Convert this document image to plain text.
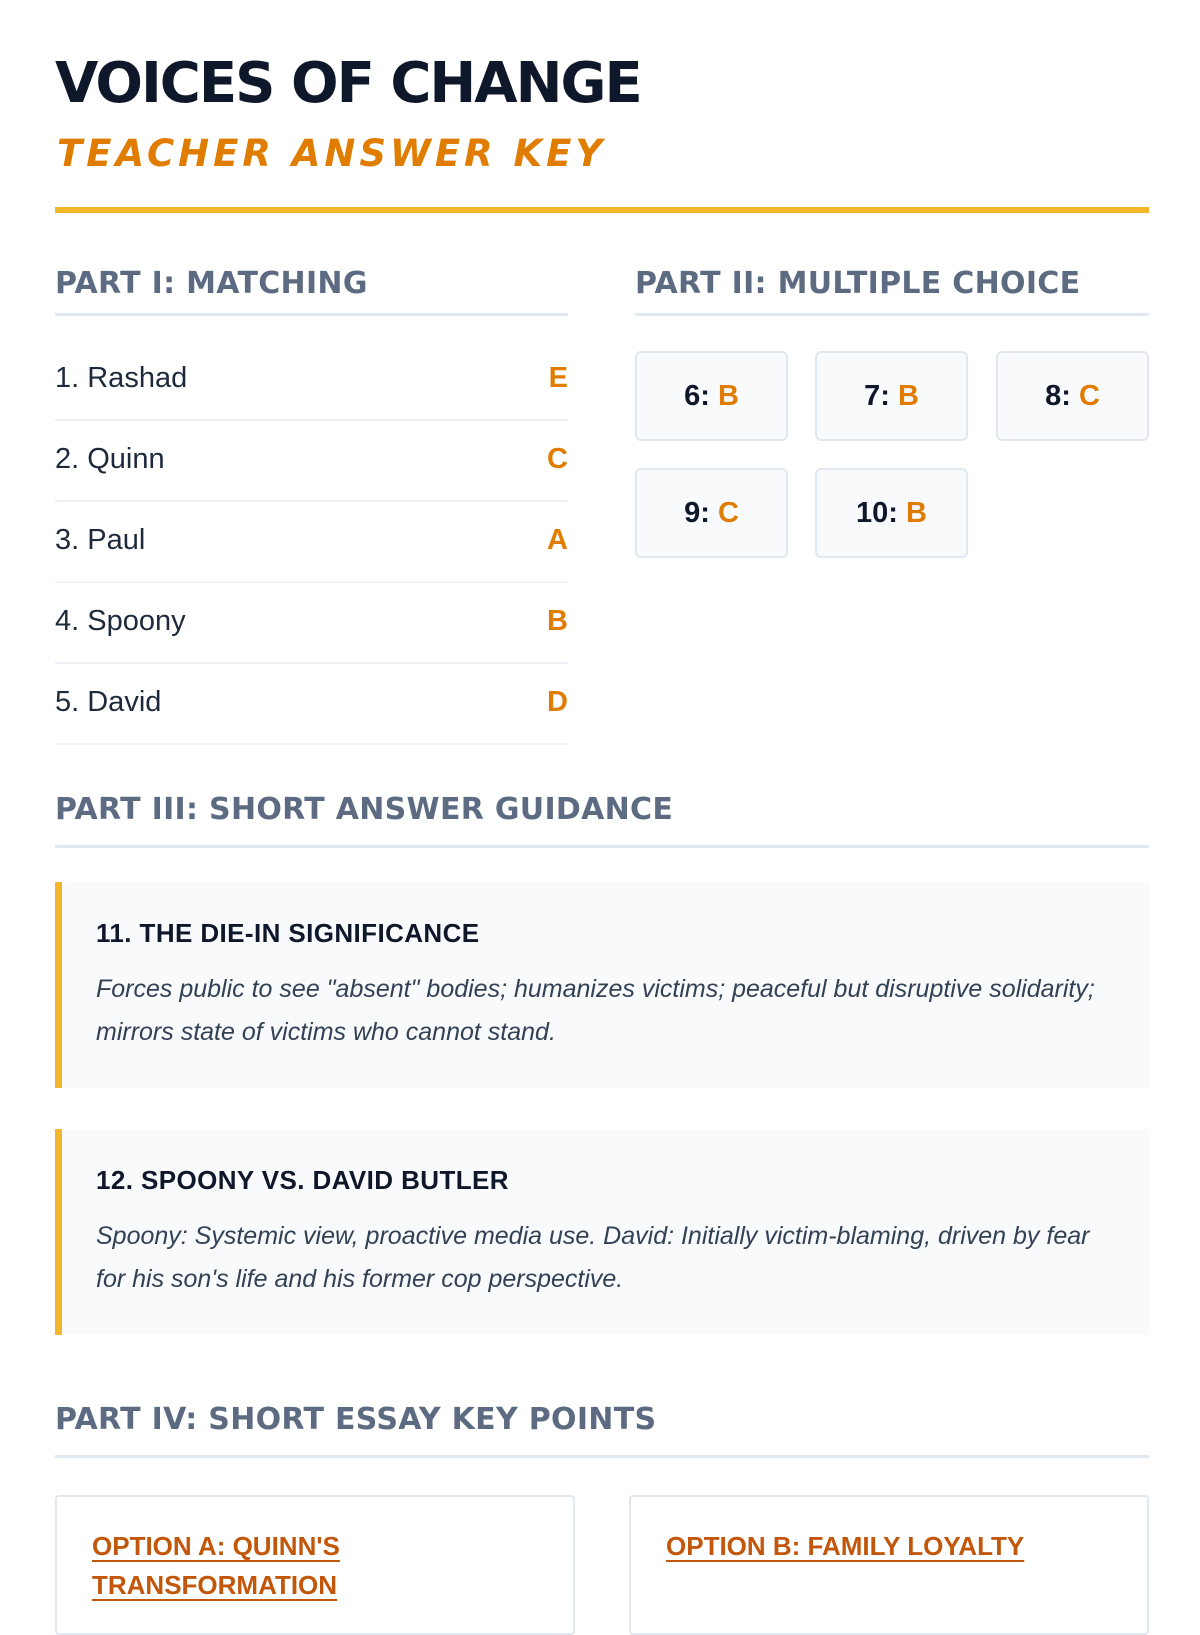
VOICES OF CHANGE
TEACHER ANSWER KEY
PART I: MATCHING
1. Rashad	E
2. Quinn	C
3. Paul	A
4. Spoony	B
5. David	D
PART II: MULTIPLE CHOICE
6: B	7: B	8: C
9: C	10: B
PART III: SHORT ANSWER GUIDANCE
11. THE DIE-IN SIGNIFICANCE
Forces public to see "absent" bodies; humanizes victims; peaceful but disruptive solidarity; mirrors state of victims who cannot stand.
12. SPOONY VS. DAVID BUTLER
Spoony: Systemic view, proactive media use. David: Initially victim-blaming, driven by fear for his son's life and his former cop perspective.
PART IV: SHORT ESSAY KEY POINTS
OPTION A: QUINN'S
TRANSFORMATION
OPTION B: FAMILY LOYALTY
